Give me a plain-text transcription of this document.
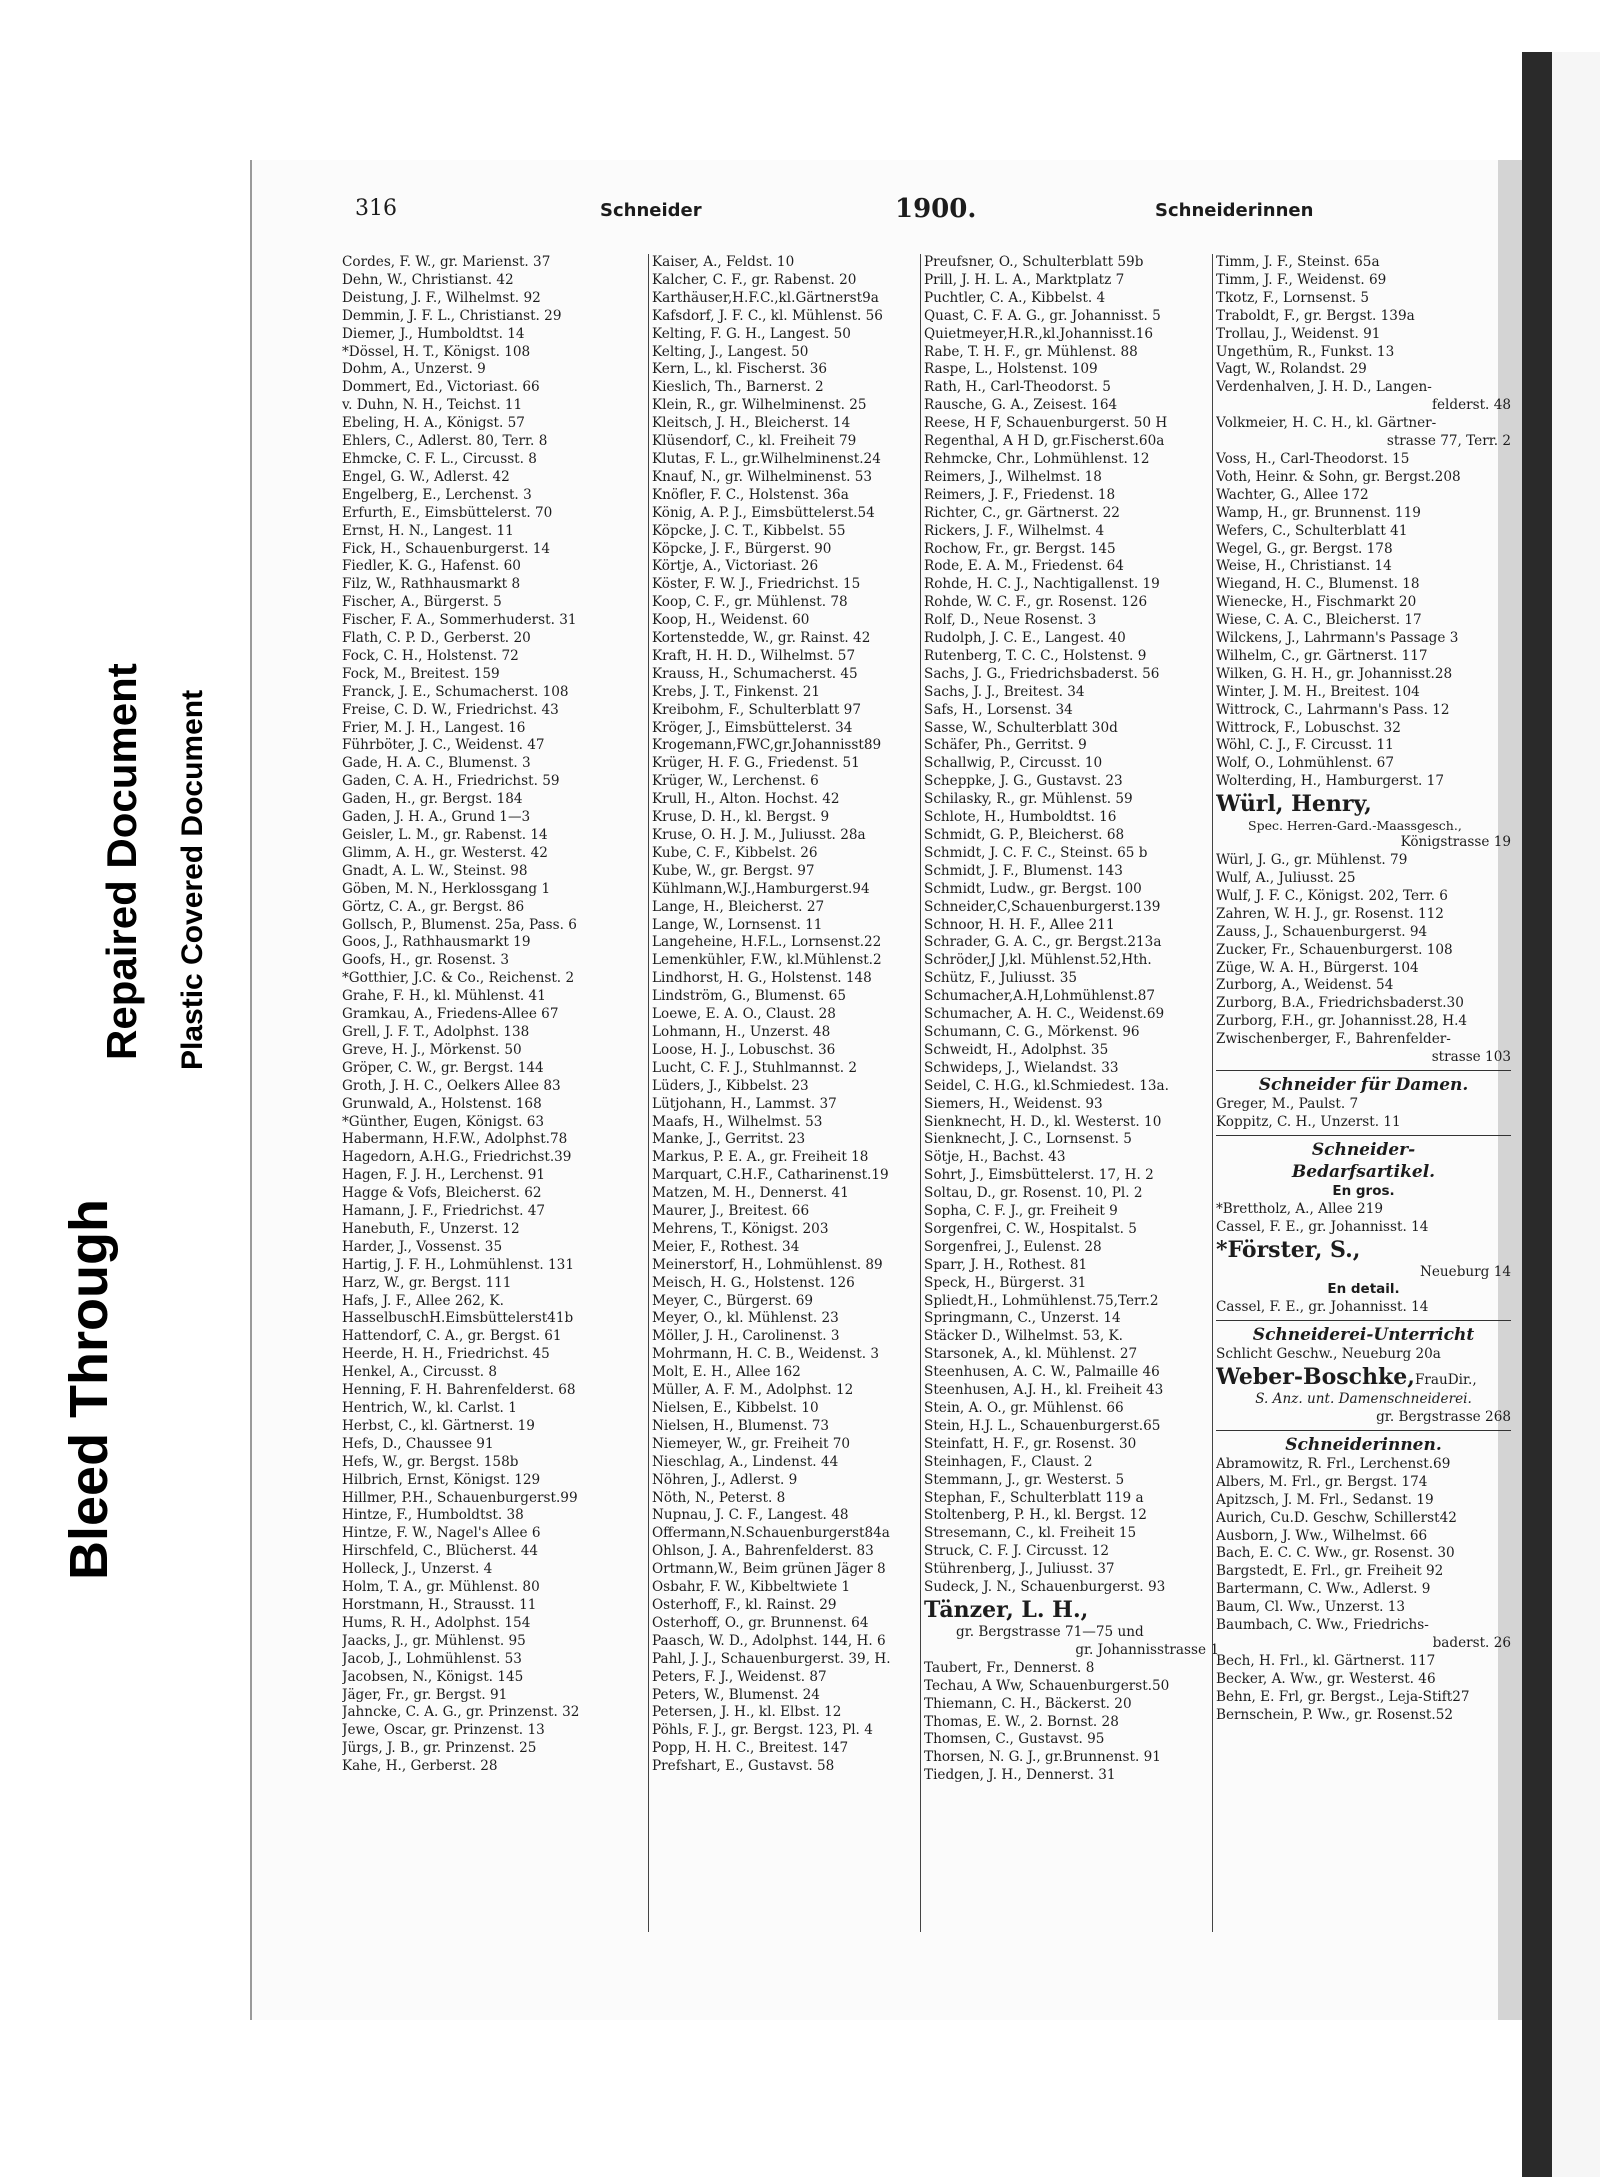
Bleed Through
Repaired Document Plastic Covered Document
316	Schneider	1900.	Schneiderinnen
Cordes, F. W., gr. Marienst. 37
Dehn, W., Christianst. 42
Deistung, J. F., Wilhelmst. 92
Demmin, J. F. L., Christianst. 29
Diemer, J., Humboldtst. 14
*Dössel, H. T., Königst. 108
Dohm, A., Unzerst. 9
Dommert, Ed., Victoriast. 66
v. Duhn, N. H., Teichst. 11
Ebeling, H. A., Königst. 57
Ehlers, C., Adlerst. 80, Terr. 8
Ehmcke, C. F. L., Circusst. 8
Engel, G. W., Adlerst. 42
Engelberg, E., Lerchenst. 3
Erfurth, E., Eimsbüttelerst. 70
Ernst, H. N., Langest. 11
Fick, H., Schauenburgerst. 14
Fiedler, K. G., Hafenst. 60
Filz, W., Rathhausmarkt 8
Fischer, A., Bürgerst. 5
Fischer, F. A., Sommerhuderst. 31
Flath, C. P. D., Gerberst. 20
Fock, C. H., Holstenst. 72
Fock, M., Breitest. 159
Franck, J. E., Schumacherst. 108
Freise, C. D. W., Friedrichst. 43
Frier, M. J. H., Langest. 16
Führböter, J. C., Weidenst. 47
Gade, H. A. C., Blumenst. 3
Gaden, C. A. H., Friedrichst. 59
Gaden, H., gr. Bergst. 184
Gaden, J. H. A., Grund 1—3
Geisler, L. M., gr. Rabenst. 14
Glimm, A. H., gr. Westerst. 42
Gnadt, A. L. W., Steinst. 98
Göben, M. N., Herklossgang 1
Görtz, C. A., gr. Bergst. 86
Gollsch, P., Blumenst. 25a, Pass. 6
Goos, J., Rathhausmarkt 19
Goofs, H., gr. Rosenst. 3
*Gotthier, J.C. & Co., Reichenst. 2
Grahe, F. H., kl. Mühlenst. 41
Gramkau, A., Friedens-Allee 67
Grell, J. F. T., Adolphst. 138
Greve, H. J., Mörkenst. 50
Gröper, C. W., gr. Bergst. 144
Groth, J. H. C., Oelkers Allee 83
Grunwald, A., Holstenst. 168
*Günther, Eugen, Königst. 63
Habermann, H.F.W., Adolphst.78
Hagedorn, A.H.G., Friedrichst.39
Hagen, F. J. H., Lerchenst. 91
Hagge & Vofs, Bleicherst. 62
Hamann, J. F., Friedrichst. 47
Hanebuth, F., Unzerst. 12
Harder, J., Vossenst. 35
Hartig, J. F. H., Lohmühlenst. 131
Harz, W., gr. Bergst. 111
Hafs, J. F., Allee 262, K.
HasselbuschH.Eimsbüttelerst41b
Hattendorf, C. A., gr. Bergst. 61
Heerde, H. H., Friedrichst. 45
Henkel, A., Circusst. 8
Henning, F. H. Bahrenfelderst. 68
Hentrich, W., kl. Carlst. 1
Herbst, C., kl. Gärtnerst. 19
Hefs, D., Chaussee 91
Hefs, W., gr. Bergst. 158b
Hilbrich, Ernst, Königst. 129
Hillmer, P.H., Schauenburgerst.99
Hintze, F., Humboldtst. 38
Hintze, F. W., Nagel's Allee 6
Hirschfeld, C., Blücherst. 44
Holleck, J., Unzerst. 4
Holm, T. A., gr. Mühlenst. 80
Horstmann, H., Strausst. 11
Hums, R. H., Adolphst. 154
Jaacks, J., gr. Mühlenst. 95
Jacob, J., Lohmühlenst. 53
Jacobsen, N., Königst. 145
Jäger, Fr., gr. Bergst. 91
Jahncke, C. A. G., gr. Prinzenst. 32
Jewe, Oscar, gr. Prinzenst. 13
Jürgs, J. B., gr. Prinzenst. 25
Kahe, H., Gerberst. 28
Kaiser, A., Feldst. 10
Kalcher, C. F., gr. Rabenst. 20
Karthäuser,H.F.C.,kl.Gärtnerst9a
Kafsdorf, J. F. C., kl. Mühlenst. 56
Kelting, F. G. H., Langest. 50
Kelting, J., Langest. 50
Kern, L., kl. Fischerst. 36
Kieslich, Th., Barnerst. 2
Klein, R., gr. Wilhelminenst. 25
Kleitsch, J. H., Bleicherst. 14
Klüsendorf, C., kl. Freiheit 79
Klutas, F. L., gr.Wilhelminenst.24
Knauf, N., gr. Wilhelminenst. 53
Knöfler, F. C., Holstenst. 36a
König, A. P. J., Eimsbüttelerst.54
Köpcke, J. C. T., Kibbelst. 55
Köpcke, J. F., Bürgerst. 90
Körtje, A., Victoriast. 26
Köster, F. W. J., Friedrichst. 15
Koop, C. F., gr. Mühlenst. 78
Koop, H., Weidenst. 60
Kortenstedde, W., gr. Rainst. 42
Kraft, H. H. D., Wilhelmst. 57
Krauss, H., Schumacherst. 45
Krebs, J. T., Finkenst. 21
Kreibohm, F., Schulterblatt 97
Kröger, J., Eimsbüttelerst. 34
Krogemann,FWC,gr.Johannisst89
Krüger, H. F. G., Friedenst. 51
Krüger, W., Lerchenst. 6
Krull, H., Alton. Hochst. 42
Kruse, D. H., kl. Bergst. 9
Kruse, O. H. J. M., Juliusst. 28a
Kube, C. F., Kibbelst. 26
Kube, W., gr. Bergst. 97
Kühlmann,W.J.,Hamburgerst.94
Lange, H., Bleicherst. 27
Lange, W., Lornsenst. 11
Langeheine, H.F.L., Lornsenst.22
Lemenkühler, F.W., kl.Mühlenst.2
Lindhorst, H. G., Holstenst. 148
Lindström, G., Blumenst. 65
Loewe, E. A. O., Claust. 28
Lohmann, H., Unzerst. 48
Loose, H. J., Lobuschst. 36
Lucht, C. F. J., Stuhlmannst. 2
Lüders, J., Kibbelst. 23
Lütjohann, H., Lammst. 37
Maafs, H., Wilhelmst. 53
Manke, J., Gerritst. 23
Markus, P. E. A., gr. Freiheit 18
Marquart, C.H.F., Catharinenst.19
Matzen, M. H., Dennerst. 41
Maurer, J., Breitest. 66
Mehrens, T., Königst. 203
Meier, F., Rothest. 34
Meinerstorf, H., Lohmühlenst. 89
Meisch, H. G., Holstenst. 126
Meyer, C., Bürgerst. 69
Meyer, O., kl. Mühlenst. 23
Möller, J. H., Carolinenst. 3
Mohrmann, H. C. B., Weidenst. 3
Molt, E. H., Allee 162
Müller, A. F. M., Adolphst. 12
Nielsen, E., Kibbelst. 10
Nielsen, H., Blumenst. 73
Niemeyer, W., gr. Freiheit 70
Nieschlag, A., Lindenst. 44
Nöhren, J., Adlerst. 9
Nöth, N., Peterst. 8
Nupnau, J. C. F., Langest. 48
Offermann,N.Schauenburgerst84a
Ohlson, J. A., Bahrenfelderst. 83
Ortmann,W., Beim grünen Jäger 8
Osbahr, F. W., Kibbeltwiete 1
Osterhoff, F., kl. Rainst. 29
Osterhoff, O., gr. Brunnenst. 64
Paasch, W. D., Adolphst. 144, H. 6
Pahl, J. J., Schauenburgerst. 39, H.
Peters, F. J., Weidenst. 87
Peters, W., Blumenst. 24
Petersen, J. H., kl. Elbst. 12
Pöhls, F. J., gr. Bergst. 123, Pl. 4
Popp, H. H. C., Breitest. 147
Prefshart, E., Gustavst. 58
Preufsner, O., Schulterblatt 59b
Prill, J. H. L. A., Marktplatz 7
Puchtler, C. A., Kibbelst. 4
Quast, C. F. A. G., gr. Johannisst. 5
Quietmeyer,H.R.,kl.Johannisst.16
Rabe, T. H. F., gr. Mühlenst. 88
Raspe, L., Holstenst. 109
Rath, H., Carl-Theodorst. 5
Rausche, G. A., Zeisest. 164
Reese, H F, Schauenburgerst. 50 H
Regenthal, A H D, gr.Fischerst.60a
Rehmcke, Chr., Lohmühlenst. 12
Reimers, J., Wilhelmst. 18
Reimers, J. F., Friedenst. 18
Richter, C., gr. Gärtnerst. 22
Rickers, J. F., Wilhelmst. 4
Rochow, Fr., gr. Bergst. 145
Rode, E. A. M., Friedenst. 64
Rohde, H. C. J., Nachtigallenst. 19
Rohde, W. C. F., gr. Rosenst. 126
Rolf, D., Neue Rosenst. 3
Rudolph, J. C. E., Langest. 40
Rutenberg, T. C. C., Holstenst. 9
Sachs, J. G., Friedrichsbaderst. 56
Sachs, J. J., Breitest. 34
Safs, H., Lorsenst. 34
Sasse, W., Schulterblatt 30d
Schäfer, Ph., Gerritst. 9
Schallwig, P., Circusst. 10
Scheppke, J. G., Gustavst. 23
Schilasky, R., gr. Mühlenst. 59
Schlote, H., Humboldtst. 16
Schmidt, G. P., Bleicherst. 68
Schmidt, J. C. F. C., Steinst. 65 b
Schmidt, J. F., Blumenst. 143
Schmidt, Ludw., gr. Bergst. 100
Schneider,C,Schauenburgerst.139
Schnoor, H. H. F., Allee 211
Schrader, G. A. C., gr. Bergst.213a
Schröder,J J,kl. Mühlenst.52,Hth.
Schütz, F., Juliusst. 35
Schumacher,A.H,Lohmühlenst.87
Schumacher, A. H. C., Weidenst.69
Schumann, C. G., Mörkenst. 96
Schweidt, H., Adolphst. 35
Schwideps, J., Wielandst. 33
Seidel, C. H.G., kl.Schmiedest. 13a.
Siemers, H., Weidenst. 93
Sienknecht, H. D., kl. Westerst. 10
Sienknecht, J. C., Lornsenst. 5
Sötje, H., Bachst. 43
Sohrt, J., Eimsbüttelerst. 17, H. 2
Soltau, D., gr. Rosenst. 10, Pl. 2
Sopha, C. F. J., gr. Freiheit 9
Sorgenfrei, C. W., Hospitalst. 5
Sorgenfrei, J., Eulenst. 28
Sparr, J. H., Rothest. 81
Speck, H., Bürgerst. 31
Spliedt,H., Lohmühlenst.75,Terr.2
Springmann, C., Unzerst. 14
Stäcker D., Wilhelmst. 53, K.
Starsonek, A., kl. Mühlenst. 27
Steenhusen, A. C. W., Palmaille 46
Steenhusen, A.J. H., kl. Freiheit 43
Stein, A. O., gr. Mühlenst. 66
Stein, H.J. L., Schauenburgerst.65
Steinfatt, H. F., gr. Rosenst. 30
Steinhagen, F., Claust. 2
Stemmann, J., gr. Westerst. 5
Stephan, F., Schulterblatt 119 a
Stoltenberg, P. H., kl. Bergst. 12
Stresemann, C., kl. Freiheit 15
Struck, C. F. J. Circusst. 12
Stührenberg, J., Juliusst. 37
Sudeck, J. N., Schauenburgerst. 93
Tänzer, L. H.,
gr. Bergstrasse 71—75 und
gr. Johannisstrasse 1
Taubert, Fr., Dennerst. 8
Techau, A Ww, Schauenburgerst.50
Thiemann, C. H., Bäckerst. 20
Thomas, E. W., 2. Bornst. 28
Thomsen, C., Gustavst. 95
Thorsen, N. G. J., gr.Brunnenst. 91
Tiedgen, J. H., Dennerst. 31
Timm, J. F., Steinst. 65a
Timm, J. F., Weidenst. 69
Tkotz, F., Lornsenst. 5
Traboldt, F., gr. Bergst. 139a
Trollau, J., Weidenst. 91
Ungethüm, R., Funkst. 13
Vagt, W., Rolandst. 29
Verdenhalven, J. H. D., Langen-
felderst. 48
Volkmeier, H. C. H., kl. Gärtner-
strasse 77, Terr. 2
Voss, H., Carl-Theodorst. 15
Voth, Heinr. & Sohn, gr. Bergst.208
Wachter, G., Allee 172
Wamp, H., gr. Brunnenst. 119
Wefers, C., Schulterblatt 41
Wegel, G., gr. Bergst. 178
Weise, H., Christianst. 14
Wiegand, H. C., Blumenst. 18
Wienecke, H., Fischmarkt 20
Wiese, C. A. C., Bleicherst. 17
Wilckens, J., Lahrmann's Passage 3
Wilhelm, C., gr. Gärtnerst. 117
Wilken, G. H. H., gr. Johannisst.28
Winter, J. M. H., Breitest. 104
Wittrock, C., Lahrmann's Pass. 12
Wittrock, F., Lobuschst. 32
Wöhl, C. J., F. Circusst. 11
Wolf, O., Lohmühlenst. 67
Wolterding, H., Hamburgerst. 17
Würl, Henry,
Spec. Herren-Gard.-Maassgesch.,
Königstrasse 19
Würl, J. G., gr. Mühlenst. 79
Wulf, A., Juliusst. 25
Wulf, J. F. C., Königst. 202, Terr. 6
Zahren, W. H. J., gr. Rosenst. 112
Zauss, J., Schauenburgerst. 94
Zucker, Fr., Schauenburgerst. 108
Züge, W. A. H., Bürgerst. 104
Zurborg, A., Weidenst. 54
Zurborg, B.A., Friedrichsbaderst.30
Zurborg, F.H., gr. Johannisst.28, H.4
Zwischenberger, F., Bahrenfelder-
strasse 103
Schneider für Damen.
Greger, M., Paulst. 7
Koppitz, C. H., Unzerst. 11
Schneider-
Bedarfsartikel.
En gros.
*Brettholz, A., Allee 219
Cassel, F. E., gr. Johannisst. 14
*Förster, S.,
Neueburg 14
En detail.
Cassel, F. E., gr. Johannisst. 14
Schneiderei-Unterricht
Schlicht Geschw., Neueburg 20a
Weber-Boschke,FrauDir.,
S. Anz. unt. Damenschneiderei.
gr. Bergstrasse 268
Schneiderinnen.
Abramowitz, R. Frl., Lerchenst.69
Albers, M. Frl., gr. Bergst. 174
Apitzsch, J. M. Frl., Sedanst. 19
Aurich, Cu.D. Geschw, Schillerst42
Ausborn, J. Ww., Wilhelmst. 66
Bach, E. C. C. Ww., gr. Rosenst. 30
Bargstedt, E. Frl., gr. Freiheit 92
Bartermann, C. Ww., Adlerst. 9
Baum, Cl. Ww., Unzerst. 13
Baumbach, C. Ww., Friedrichs-
baderst. 26
Bech, H. Frl., kl. Gärtnerst. 117
Becker, A. Ww., gr. Westerst. 46
Behn, E. Frl, gr. Bergst., Leja-Stift27
Bernschein, P. Ww., gr. Rosenst.52
